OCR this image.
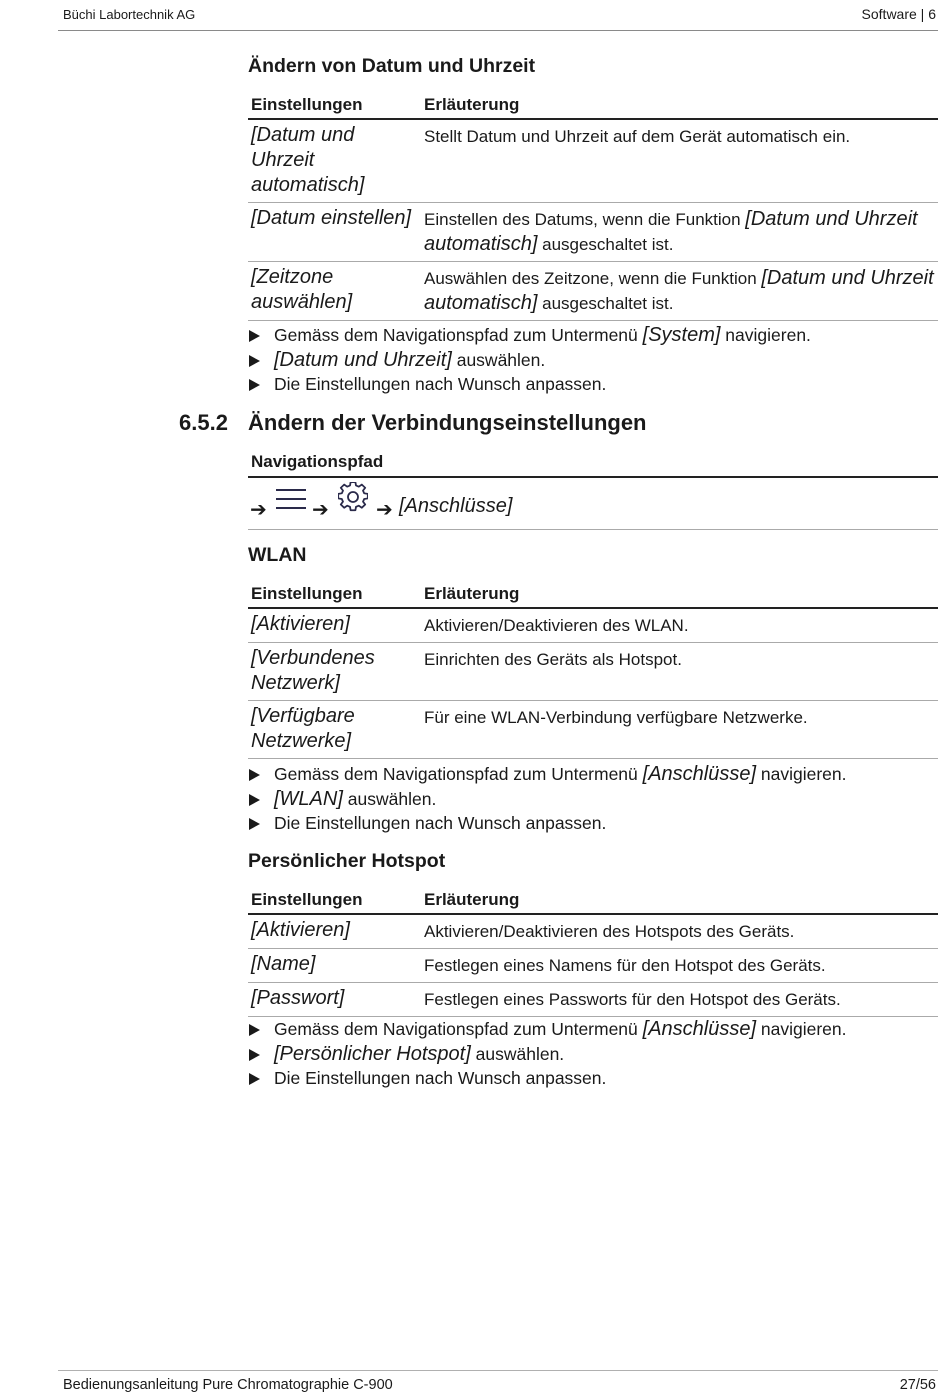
Büchi Labortechnik AG	Software | 6
Ändern von Datum und Uhrzeit
Einstellungen	Erläuterung
[Datum und
Uhrzeit
automatisch]	Stellt Datum und Uhrzeit auf dem Gerät automatisch ein.
[Datum einstellen]	Einstellen des Datums, wenn die Funktion [Datum und Uhrzeit automatisch] ausgeschaltet ist.
[Zeitzone
auswählen]	Auswählen des Zeitzone, wenn die Funktion [Datum und Uhrzeit automatisch] ausgeschaltet ist.
Gemäss dem Navigationspfad zum Untermenü [System] navigieren.
[Datum und Uhrzeit] auswählen.
Die Einstellungen nach Wunsch anpassen.
6.5.2 Ändern der Verbindungseinstellungen
Navigationspfad
➔ ➔ ➔ [Anschlüsse]
WLAN
Einstellungen	Erläuterung
[Aktivieren]	Aktivieren/Deaktivieren des WLAN.
[Verbundenes
Netzwerk]	Einrichten des Geräts als Hotspot.
[Verfügbare
Netzwerke]	Für eine WLAN-Verbindung verfügbare Netzwerke.
Gemäss dem Navigationspfad zum Untermenü [Anschlüsse] navigieren.
[WLAN] auswählen.
Die Einstellungen nach Wunsch anpassen.
Persönlicher Hotspot
Einstellungen	Erläuterung
[Aktivieren]	Aktivieren/Deaktivieren des Hotspots des Geräts.
[Name]	Festlegen eines Namens für den Hotspot des Geräts.
[Passwort]	Festlegen eines Passworts für den Hotspot des Geräts.
Gemäss dem Navigationspfad zum Untermenü [Anschlüsse] navigieren.
[Persönlicher Hotspot] auswählen.
Die Einstellungen nach Wunsch anpassen.
Bedienungsanleitung Pure Chromatographie C-900	27/56
